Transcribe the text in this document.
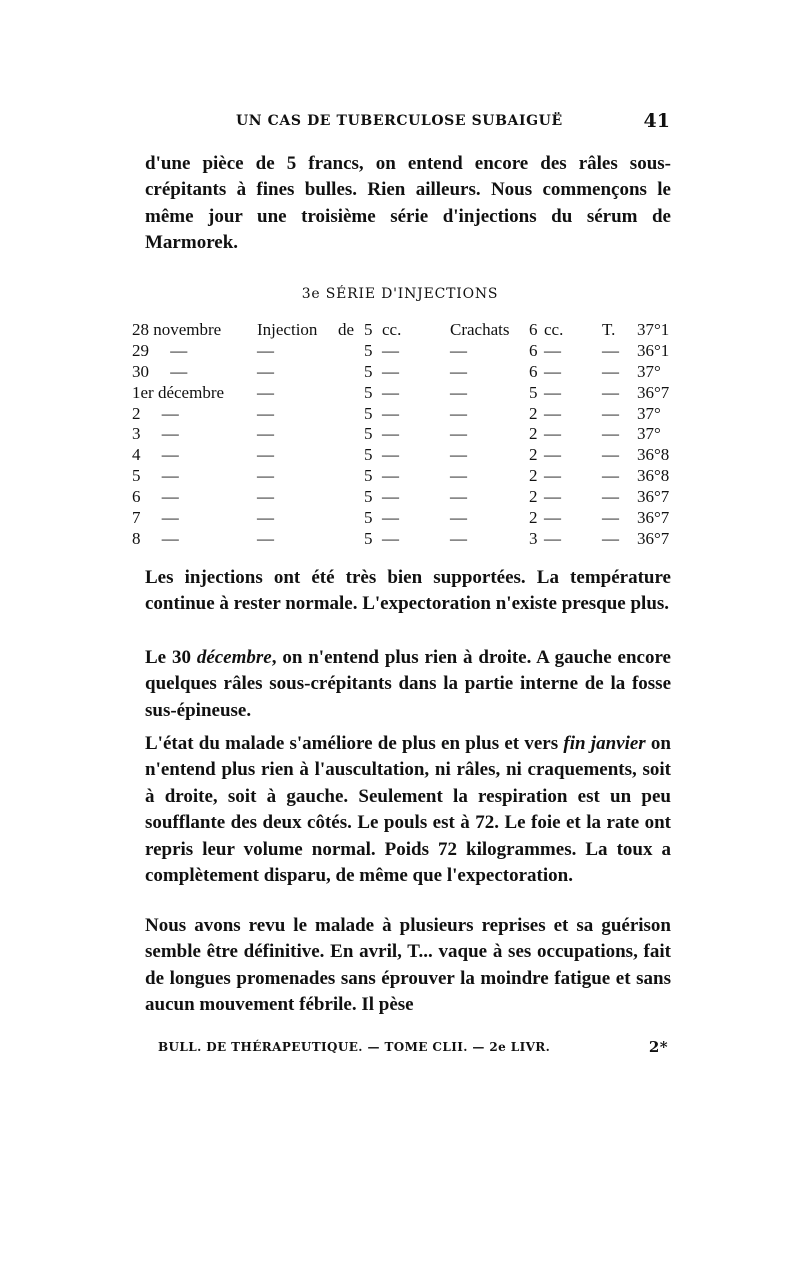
UN CAS DE TUBERCULOSE SUBAIGUË	41

d'une pièce de 5 francs, on entend encore des râles sous-crépitants à fines bulles. Rien ailleurs. Nous commençons le même jour une troisième série d'injections du sérum de Marmorek.

3e SÉRIE D'INJECTIONS
28 novembre Injection de 5 cc.	Crachats 6 cc. T. 37°1
29     —	—	5 —	—	6 — — 36°1
30     —	—	5 —	—	6 — — 37°
1er décembre —	5 —	—	5 — — 36°7
2     —	—	5 —	—	2 — — 37°
3     —	—	5 —	—	2 — — 37°
4     —	—	5 —	—	2 — — 36°8
5     —	—	5 —	—	2 — — 36°8
6     —	—	5 —	—	2 — — 36°7
7     —	—	5 —	—	2 — — 36°7
8     —	—	5 —	—	3 — — 36°7

Les injections ont été très bien supportées. La température continue à rester normale. L'expectoration n'existe presque plus.

Le 30 décembre, on n'entend plus rien à droite. A gauche encore quelques râles sous-crépitants dans la partie interne de la fosse sus-épineuse.

L'état du malade s'améliore de plus en plus et vers fin janvier on n'entend plus rien à l'auscultation, ni râles, ni craquements, soit à droite, soit à gauche. Seulement la respiration est un peu soufflante des deux côtés. Le pouls est à 72. Le foie et la rate ont repris leur volume normal. Poids 72 kilogrammes. La toux a complètement disparu, de même que l'expectoration.

Nous avons revu le malade à plusieurs reprises et sa guérison semble être définitive. En avril, T... vaque à ses occupations, fait de longues promenades sans éprouver la moindre fatigue et sans aucun mouvement fébrile. Il pèse

BULL. DE THÉRAPEUTIQUE. — TOME CLII. — 2e LIVR.	2*
